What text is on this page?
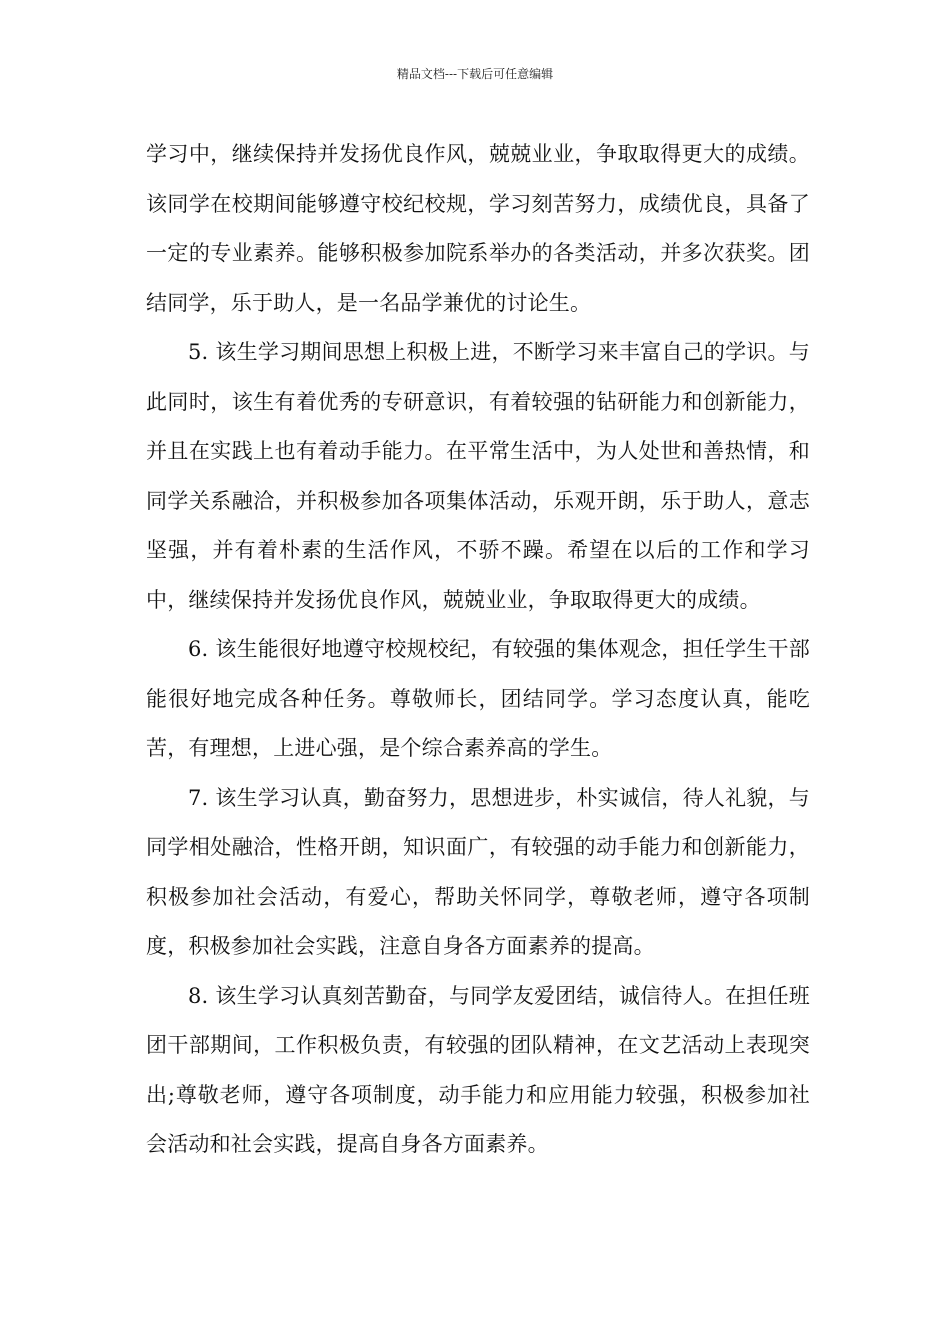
精品文档---下载后可任意编辑

学习中，继续保持并发扬优良作风，兢兢业业，争取取得更大的成绩。该同学在校期间能够遵守校纪校规，学习刻苦努力，成绩优良，具备了一定的专业素养。能够积极参加院系举办的各类活动，并多次获奖。团结同学，乐于助人，是一名品学兼优的讨论生。

5. 该生学习期间思想上积极上进，不断学习来丰富自己的学识。与此同时，该生有着优秀的专研意识，有着较强的钻研能力和创新能力，并且在实践上也有着动手能力。在平常生活中，为人处世和善热情，和同学关系融洽，并积极参加各项集体活动，乐观开朗，乐于助人，意志坚强，并有着朴素的生活作风，不骄不躁。希望在以后的工作和学习中，继续保持并发扬优良作风，兢兢业业，争取取得更大的成绩。

6. 该生能很好地遵守校规校纪，有较强的集体观念，担任学生干部能很好地完成各种任务。尊敬师长，团结同学。学习态度认真，能吃苦，有理想，上进心强，是个综合素养高的学生。

7. 该生学习认真，勤奋努力，思想进步，朴实诚信，待人礼貌，与同学相处融洽，性格开朗，知识面广，有较强的动手能力和创新能力，积极参加社会活动，有爱心，帮助关怀同学，尊敬老师，遵守各项制度，积极参加社会实践，注意自身各方面素养的提高。

8. 该生学习认真刻苦勤奋，与同学友爱团结，诚信待人。在担任班团干部期间，工作积极负责，有较强的团队精神，在文艺活动上表现突出;尊敬老师，遵守各项制度，动手能力和应用能力较强，积极参加社会活动和社会实践，提高自身各方面素养。
